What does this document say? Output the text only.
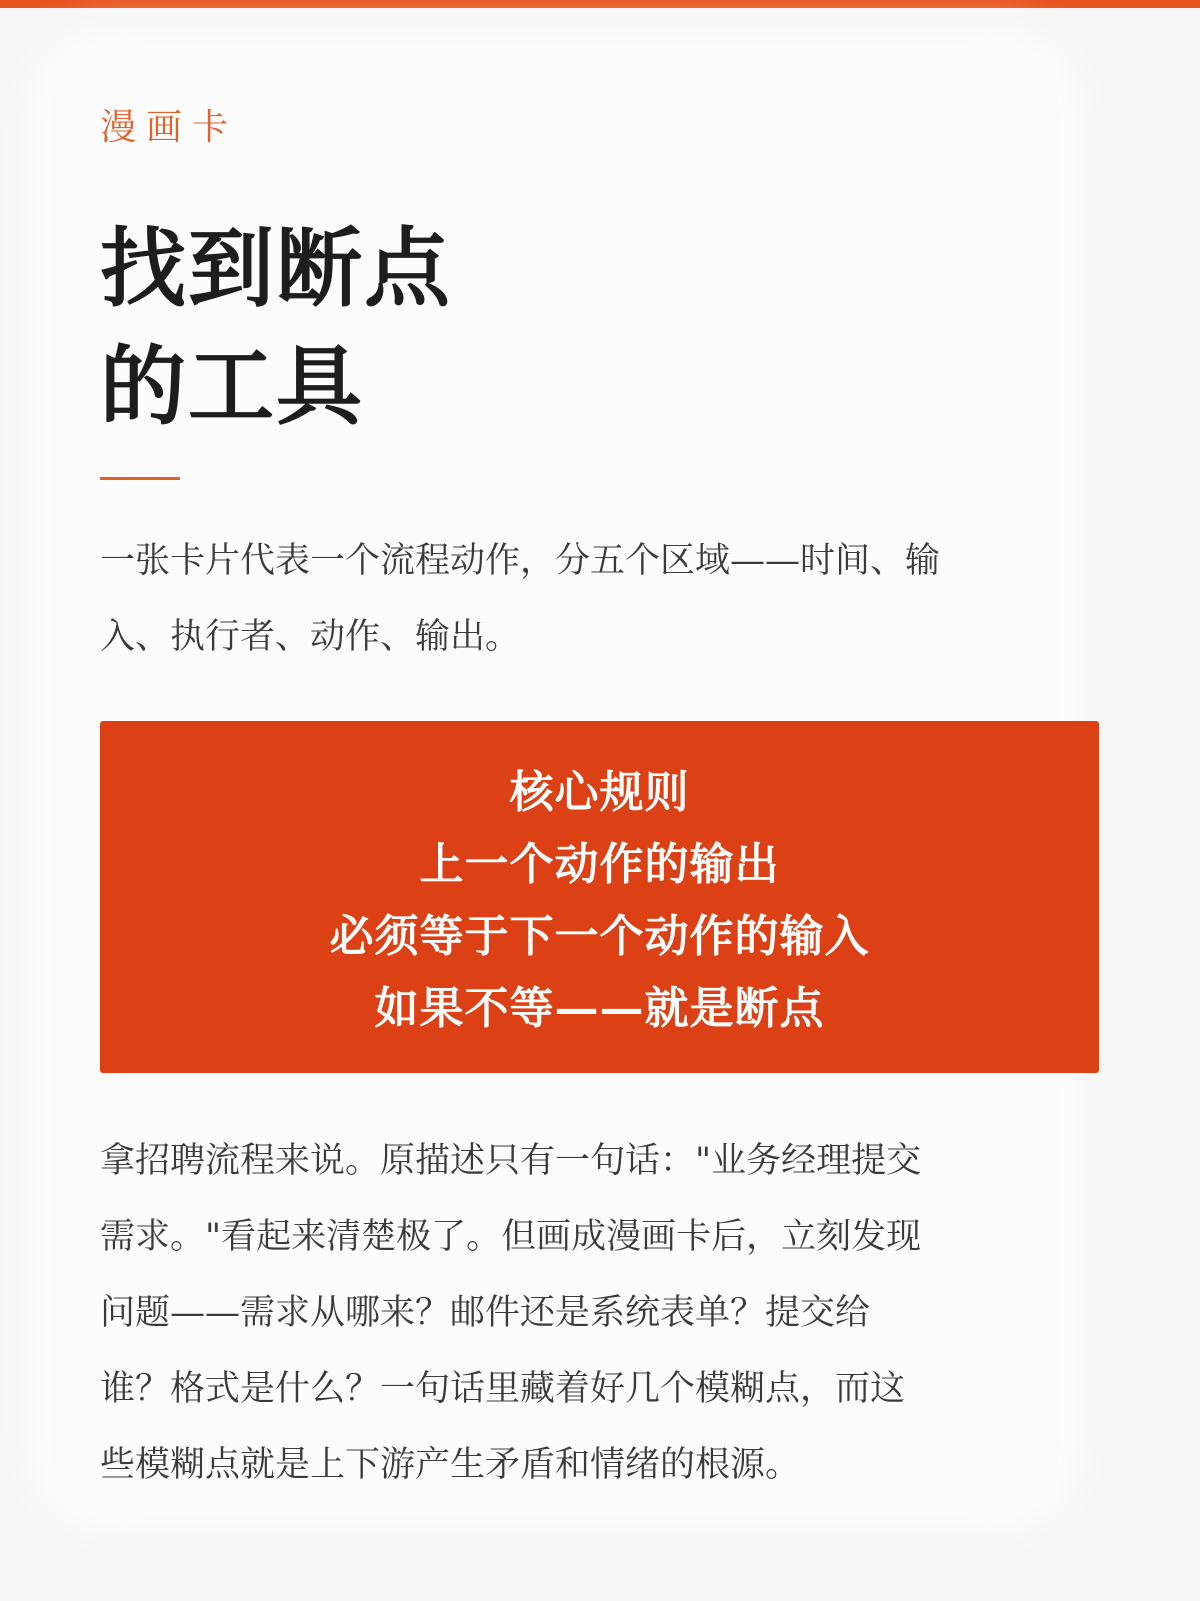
漫画卡
找到断点
的工具

一张卡片代表一个流程动作，分五个区域——时间、输入、执行者、动作、输出。

核心规则
上一个动作的输出
必须等于下一个动作的输入
如果不等——就是断点
拿招聘流程来说。原描述只有一句话："业务经理提交
需求。"看起来清楚极了。但画成漫画卡后，立刻发现
问题——需求从哪来？邮件还是系统表单？提交给
谁？格式是什么？一句话里藏着好几个模糊点，而这
些模糊点就是上下游产生矛盾和情绪的根源。
